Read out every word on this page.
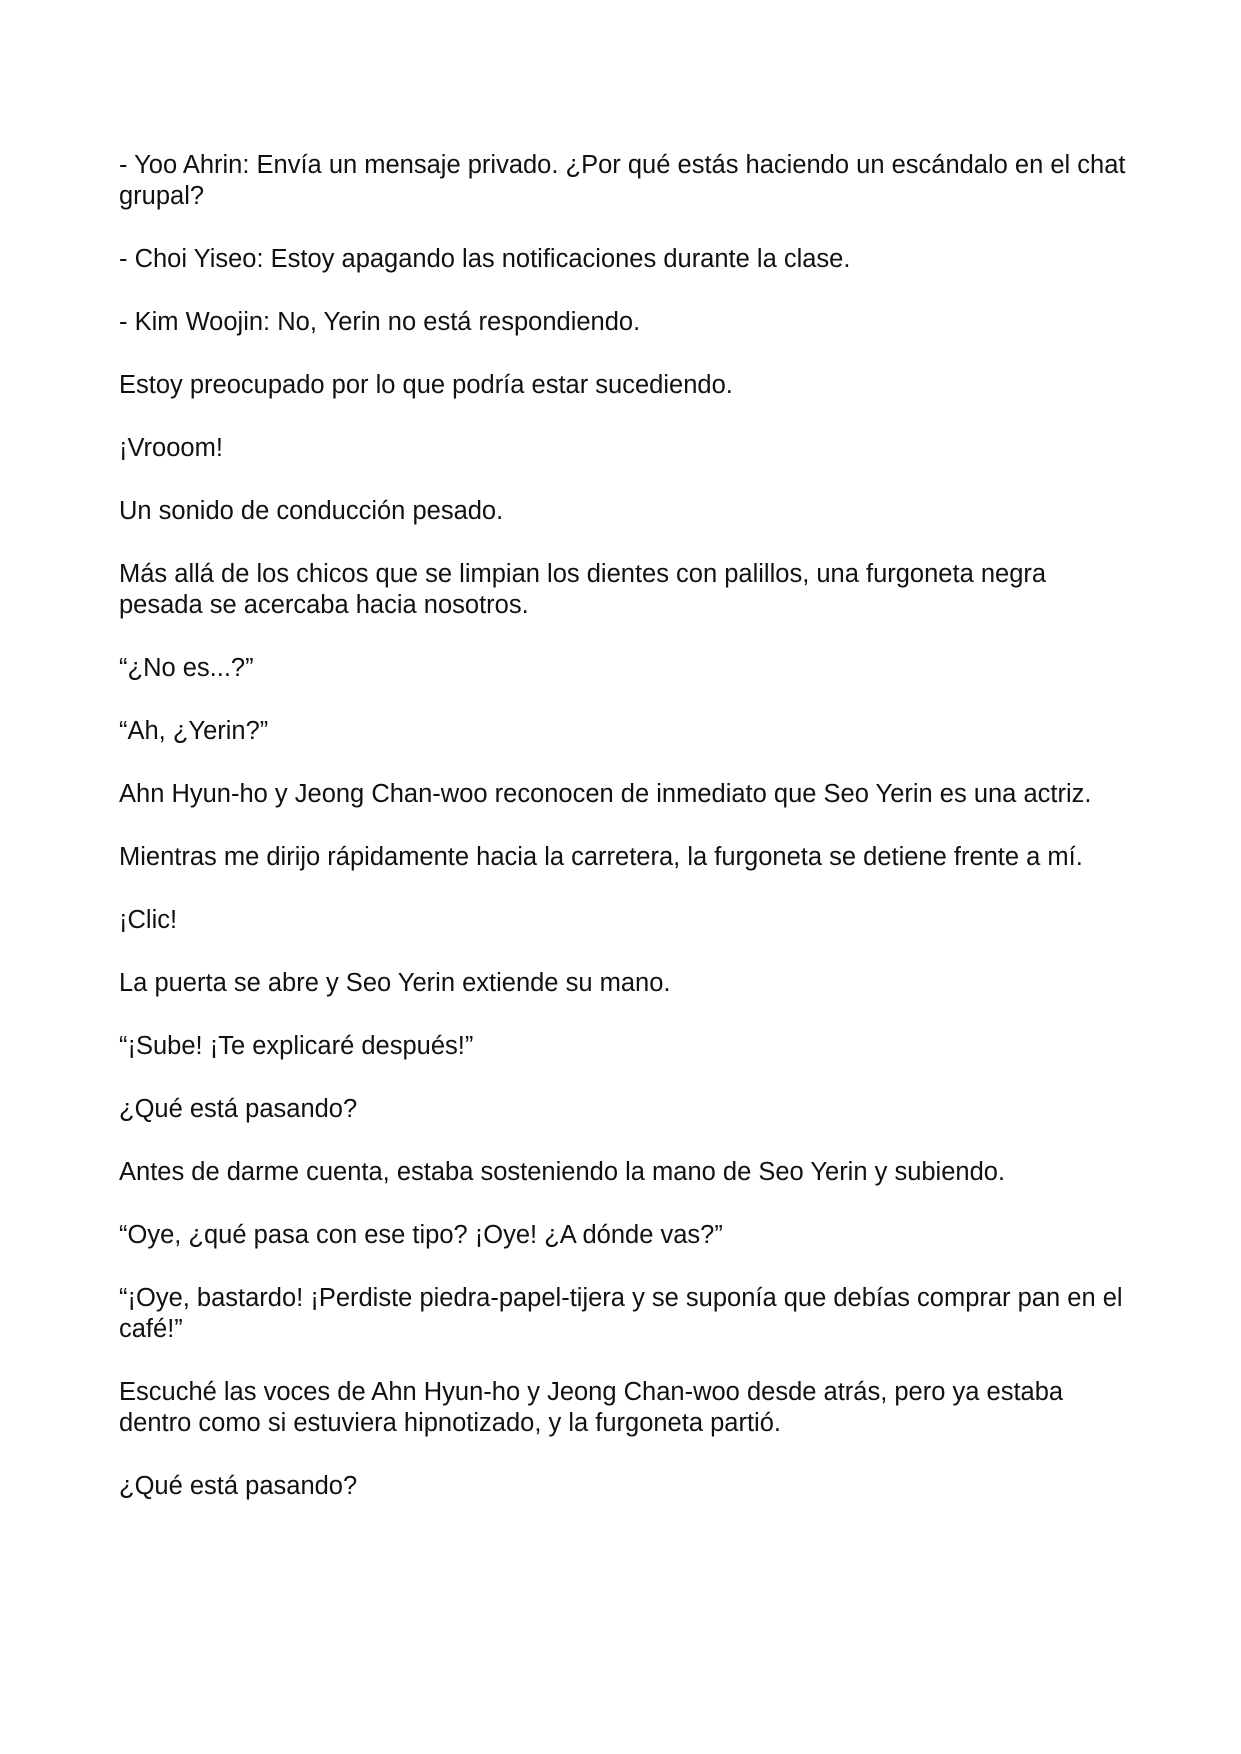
- Yoo Ahrin: Envía un mensaje privado. ¿Por qué estás haciendo un escándalo en el chat grupal?

- Choi Yiseo: Estoy apagando las notificaciones durante la clase.

- Kim Woojin: No, Yerin no está respondiendo.

Estoy preocupado por lo que podría estar sucediendo.

¡Vrooom!

Un sonido de conducción pesado.

Más allá de los chicos que se limpian los dientes con palillos, una furgoneta negra pesada se acercaba hacia nosotros.

“¿No es...?”

“Ah, ¿Yerin?”

Ahn Hyun-ho y Jeong Chan-woo reconocen de inmediato que Seo Yerin es una actriz.

Mientras me dirijo rápidamente hacia la carretera, la furgoneta se detiene frente a mí.

¡Clic!

La puerta se abre y Seo Yerin extiende su mano.

“¡Sube! ¡Te explicaré después!”

¿Qué está pasando?

Antes de darme cuenta, estaba sosteniendo la mano de Seo Yerin y subiendo.

“Oye, ¿qué pasa con ese tipo? ¡Oye! ¿A dónde vas?”

“¡Oye, bastardo! ¡Perdiste piedra-papel-tijera y se suponía que debías comprar pan en el café!”

Escuché las voces de Ahn Hyun-ho y Jeong Chan-woo desde atrás, pero ya estaba dentro como si estuviera hipnotizado, y la furgoneta partió.

¿Qué está pasando?
